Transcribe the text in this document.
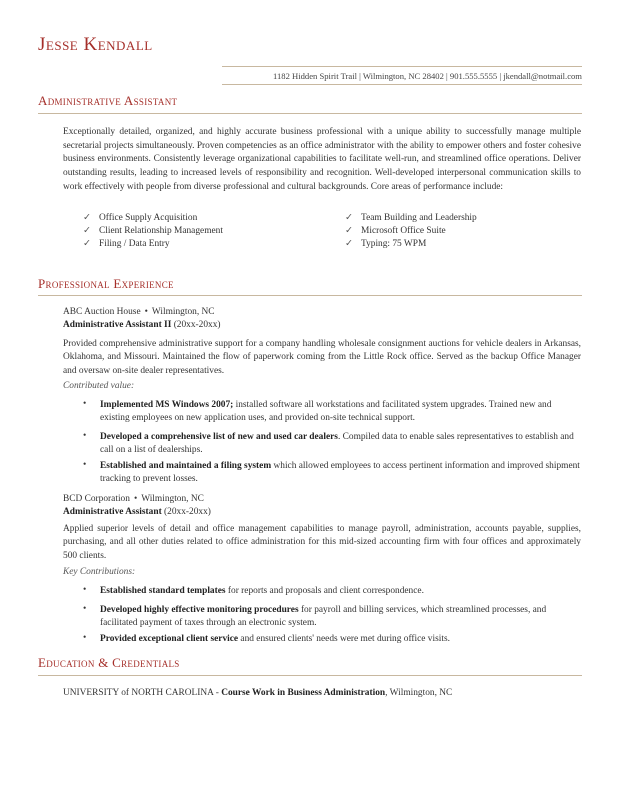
Jesse Kendall
1182 Hidden Spirit Trail | Wilmington, NC 28402 | 901.555.5555 | jkendall@notmail.com
Administrative Assistant
Exceptionally detailed, organized, and highly accurate business professional with a unique ability to successfully manage multiple secretarial projects simultaneously. Proven competencies as an office administrator with the ability to empower others and foster cohesive business environments. Consistently leverage organizational capabilities to facilitate well-run, and streamlined office operations. Deliver outstanding results, leading to increased levels of responsibility and recognition. Well-developed interpersonal communication skills to work effectively with people from diverse professional and cultural backgrounds. Core areas of performance include:
✓ Office Supply Acquisition
✓ Client Relationship Management
✓ Filing / Data Entry
✓ Team Building and Leadership
✓ Microsoft Office Suite
✓ Typing: 75 WPM
Professional Experience
ABC Auction House • Wilmington, NC
Administrative Assistant II (20xx-20xx)
Provided comprehensive administrative support for a company handling wholesale consignment auctions for vehicle dealers in Arkansas, Oklahoma, and Missouri. Maintained the flow of paperwork coming from the Little Rock office. Served as the backup Office Manager and oversaw on-site dealer representatives.
Contributed value:
• Implemented MS Windows 2007; installed software all workstations and facilitated system upgrades. Trained new and existing employees on new application uses, and provided on-site technical support.
• Developed a comprehensive list of new and used car dealers. Compiled data to enable sales representatives to establish and call on a list of dealerships.
• Established and maintained a filing system which allowed employees to access pertinent information and improved shipment tracking to prevent losses.
BCD Corporation • Wilmington, NC
Administrative Assistant (20xx-20xx)
Applied superior levels of detail and office management capabilities to manage payroll, administration, accounts payable, supplies, purchasing, and all other duties related to office administration for this mid-sized accounting firm with four offices and approximately 500 clients.
Key Contributions:
• Established standard templates for reports and proposals and client correspondence.
• Developed highly effective monitoring procedures for payroll and billing services, which streamlined processes, and facilitated payment of taxes through an electronic system.
• Provided exceptional client service and ensured clients' needs were met during office visits.
Education & Credentials
UNIVERSITY of NORTH CAROLINA - Course Work in Business Administration, Wilmington, NC
